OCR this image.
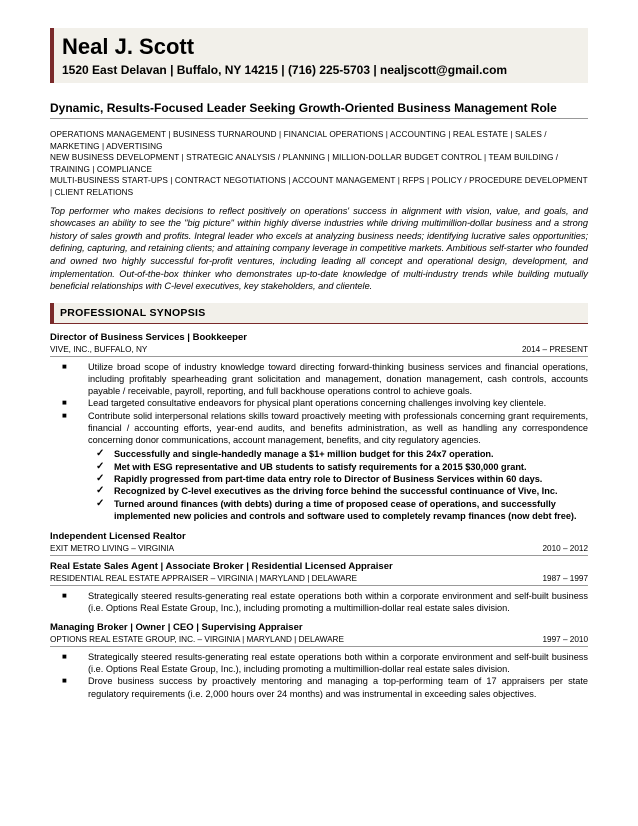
Neal J. Scott
1520 East Delavan | Buffalo, NY 14215 | (716) 225-5703 | nealjscott@gmail.com
Dynamic, Results-Focused Leader Seeking Growth-Oriented Business Management Role
OPERATIONS MANAGEMENT | BUSINESS TURNAROUND | FINANCIAL OPERATIONS | ACCOUNTING | REAL ESTATE | SALES / MARKETING | ADVERTISING
NEW BUSINESS DEVELOPMENT | STRATEGIC ANALYSIS / PLANNING | MILLION-DOLLAR BUDGET CONTROL | TEAM BUILDING / TRAINING | COMPLIANCE
MULTI-BUSINESS START-UPS | CONTRACT NEGOTIATIONS | ACCOUNT MANAGEMENT | RFPS | POLICY / PROCEDURE DEVELOPMENT | CLIENT RELATIONS
Top performer who makes decisions to reflect positively on operations' success in alignment with vision, value, and goals, and showcases an ability to see the "big picture" within highly diverse industries while driving multimillion-dollar business and a strong history of sales growth and profits. Integral leader who excels at analyzing business needs; identifying lucrative sales opportunities; defining, capturing, and retaining clients; and attaining company leverage in competitive markets. Ambitious self-starter who founded and owned two highly successful for-profit ventures, including leading all concept and operational design, development, and implementation. Out-of-the-box thinker who demonstrates up-to-date knowledge of multi-industry trends while building mutually beneficial relationships with C-level executives, key stakeholders, and clientele.
PROFESSIONAL SYNOPSIS
Director of Business Services | Bookkeeper
VIVE, INC., BUFFALO, NY	2014 – PRESENT
■ Utilize broad scope of industry knowledge toward directing forward-thinking business services and financial operations, including profitably spearheading grant solicitation and management, donation management, cash controls, accounts payable / receivable, payroll, reporting, and full backhouse operations control to achieve goals.
■ Lead targeted consultative endeavors for physical plant operations concerning challenges involving key clientele.
■ Contribute solid interpersonal relations skills toward proactively meeting with professionals concerning grant requirements, financial / accounting efforts, year-end audits, and benefits administration, as well as handling any correspondence concerning donor communications, account management, benefits, and city regulatory agencies.
✓ Successfully and single-handedly manage a $1+ million budget for this 24x7 operation.
✓ Met with ESG representative and UB students to satisfy requirements for a 2015 $30,000 grant.
✓ Rapidly progressed from part-time data entry role to Director of Business Services within 60 days.
✓ Recognized by C-level executives as the driving force behind the successful continuance of Vive, Inc.
✓ Turned around finances (with debts) during a time of proposed cease of operations, and successfully implemented new policies and controls and software used to completely revamp finances (now debt free).
Independent Licensed Realtor
EXIT METRO LIVING – VIRGINIA	2010 – 2012
Real Estate Sales Agent | Associate Broker | Residential Licensed Appraiser
RESIDENTIAL REAL ESTATE APPRAISER – VIRGINIA | MARYLAND | DELAWARE	1987 – 1997
■ Strategically steered results-generating real estate operations both within a corporate environment and self-built business (i.e. Options Real Estate Group, Inc.), including promoting a multimillion-dollar real estate sales division.
Managing Broker | Owner | CEO | Supervising Appraiser
OPTIONS REAL ESTATE GROUP, INC. – VIRGINIA | MARYLAND | DELAWARE	1997 – 2010
■ Strategically steered results-generating real estate operations both within a corporate environment and self-built business (i.e. Options Real Estate Group, Inc.), including promoting a multimillion-dollar real estate sales division.
■ Drove business success by proactively mentoring and managing a top-performing team of 17 appraisers per state regulatory requirements (i.e. 2,000 hours over 24 months) and was instrumental in exceeding sales objectives.
